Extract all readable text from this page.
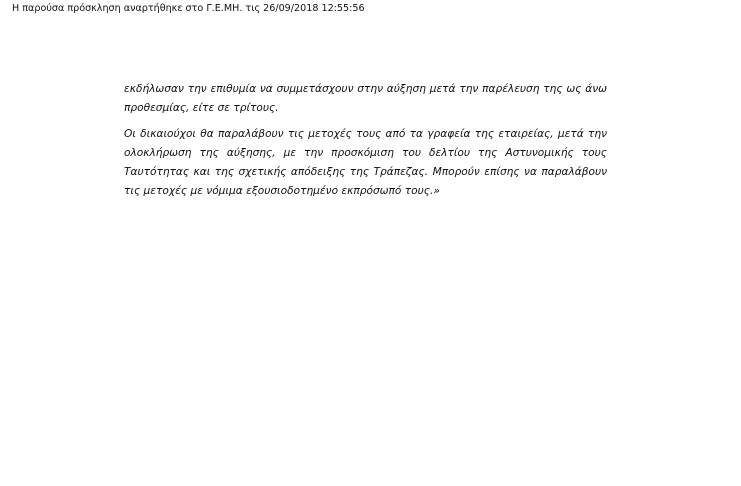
Η παρούσα πρόσκληση αναρτήθηκε στο Γ.Ε.ΜΗ. τις 26/09/2018 12:55:56

εκδήλωσαν την επιθυμία να συμμετάσχουν στην αύξηση μετά την παρέλευση της ως άνω προθεσμίας, είτε σε τρίτους.

Οι δικαιούχοι θα παραλάβουν τις μετοχές τους από τα γραφεία της εταιρείας, μετά την ολοκλήρωση της αύξησης, με την προσκόμιση του δελτίου της Αστυνομικής τους Ταυτότητας και της σχετικής απόδειξης της Τράπεζας. Μπορούν επίσης να παραλάβουν τις μετοχές με νόμιμα εξουσιοδοτημένο εκπρόσωπό τους.»
